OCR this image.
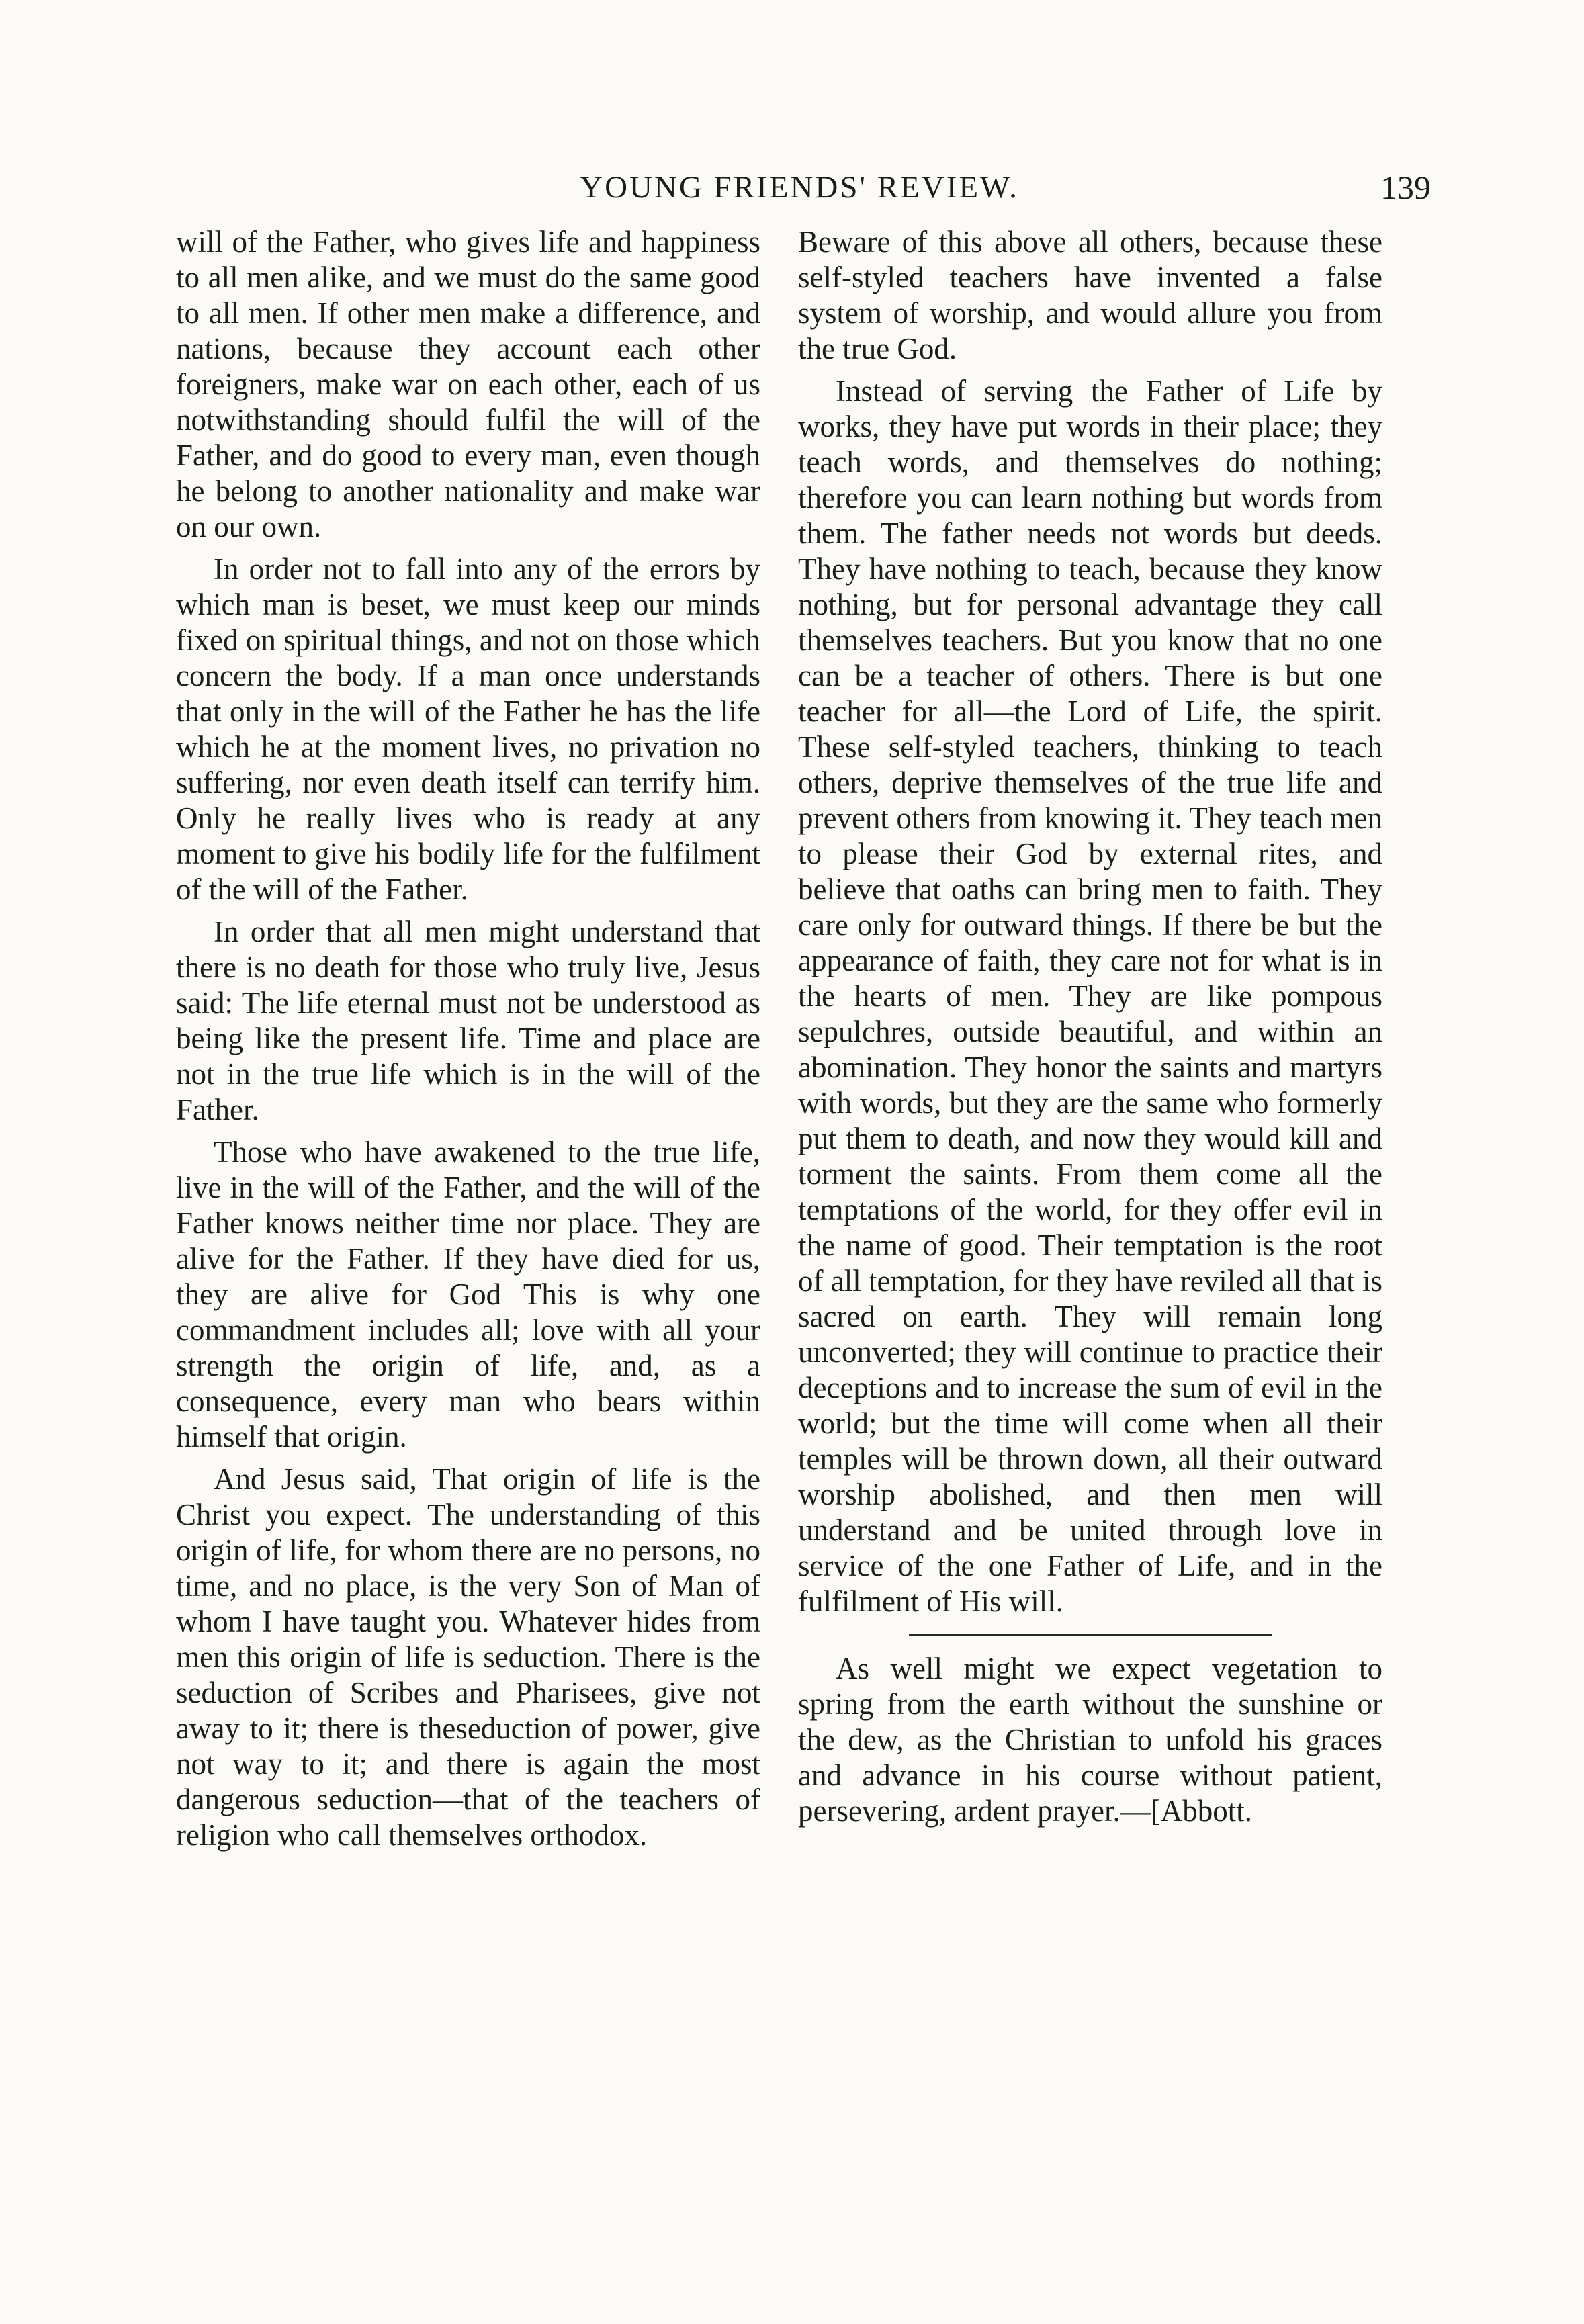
YOUNG FRIENDS' REVIEW.	139

will of the Father, who gives life and happiness to all men alike, and we must do the same good to all men. If other men make a difference, and nations, because they account each other foreigners, make war on each other, each of us notwithstanding should fulfil the will of the Father, and do good to every man, even though he belong to another nationality and make war on our own.

In order not to fall into any of the errors by which man is beset, we must keep our minds fixed on spiritual things, and not on those which concern the body. If a man once understands that only in the will of the Father he has the life which he at the moment lives, no privation no suffering, nor even death itself can terrify him. Only he really lives who is ready at any moment to give his bodily life for the fulfilment of the will of the Father.

In order that all men might understand that there is no death for those who truly live, Jesus said: The life eternal must not be understood as being like the present life. Time and place are not in the true life which is in the will of the Father.

Those who have awakened to the true life, live in the will of the Father, and the will of the Father knows neither time nor place. They are alive for the Father. If they have died for us, they are alive for God This is why one commandment includes all; love with all your strength the origin of life, and, as a consequence, every man who bears within himself that origin.

And Jesus said, That origin of life is the Christ you expect. The understanding of this origin of life, for whom there are no persons, no time, and no place, is the very Son of Man of whom I have taught you. Whatever hides from men this origin of life is seduction. There is the seduction of Scribes and Pharisees, give not away to it; there is theseduction of power, give not way to it; and there is again the most dangerous seduction—that of the teachers of religion who call themselves orthodox.

Beware of this above all others, because these self-styled teachers have invented a false system of worship, and would allure you from the true God.

Instead of serving the Father of Life by works, they have put words in their place; they teach words, and themselves do nothing; therefore you can learn nothing but words from them. The father needs not words but deeds. They have nothing to teach, because they know nothing, but for personal advantage they call themselves teachers. But you know that no one can be a teacher of others. There is but one teacher for all—the Lord of Life, the spirit. These self-styled teachers, thinking to teach others, deprive themselves of the true life and prevent others from knowing it. They teach men to please their God by external rites, and believe that oaths can bring men to faith. They care only for outward things. If there be but the appearance of faith, they care not for what is in the hearts of men. They are like pompous sepulchres, outside beautiful, and within an abomination. They honor the saints and martyrs with words, but they are the same who formerly put them to death, and now they would kill and torment the saints. From them come all the temptations of the world, for they offer evil in the name of good. Their temptation is the root of all temptation, for they have reviled all that is sacred on earth. They will remain long unconverted; they will continue to practice their deceptions and to increase the sum of evil in the world; but the time will come when all their temples will be thrown down, all their outward worship abolished, and then men will understand and be united through love in service of the one Father of Life, and in the fulfilment of His will.

As well might we expect vegetation to spring from the earth without the sunshine or the dew, as the Christian to unfold his graces and advance in his course without patient, persevering, ardent prayer.—[Abbott.
